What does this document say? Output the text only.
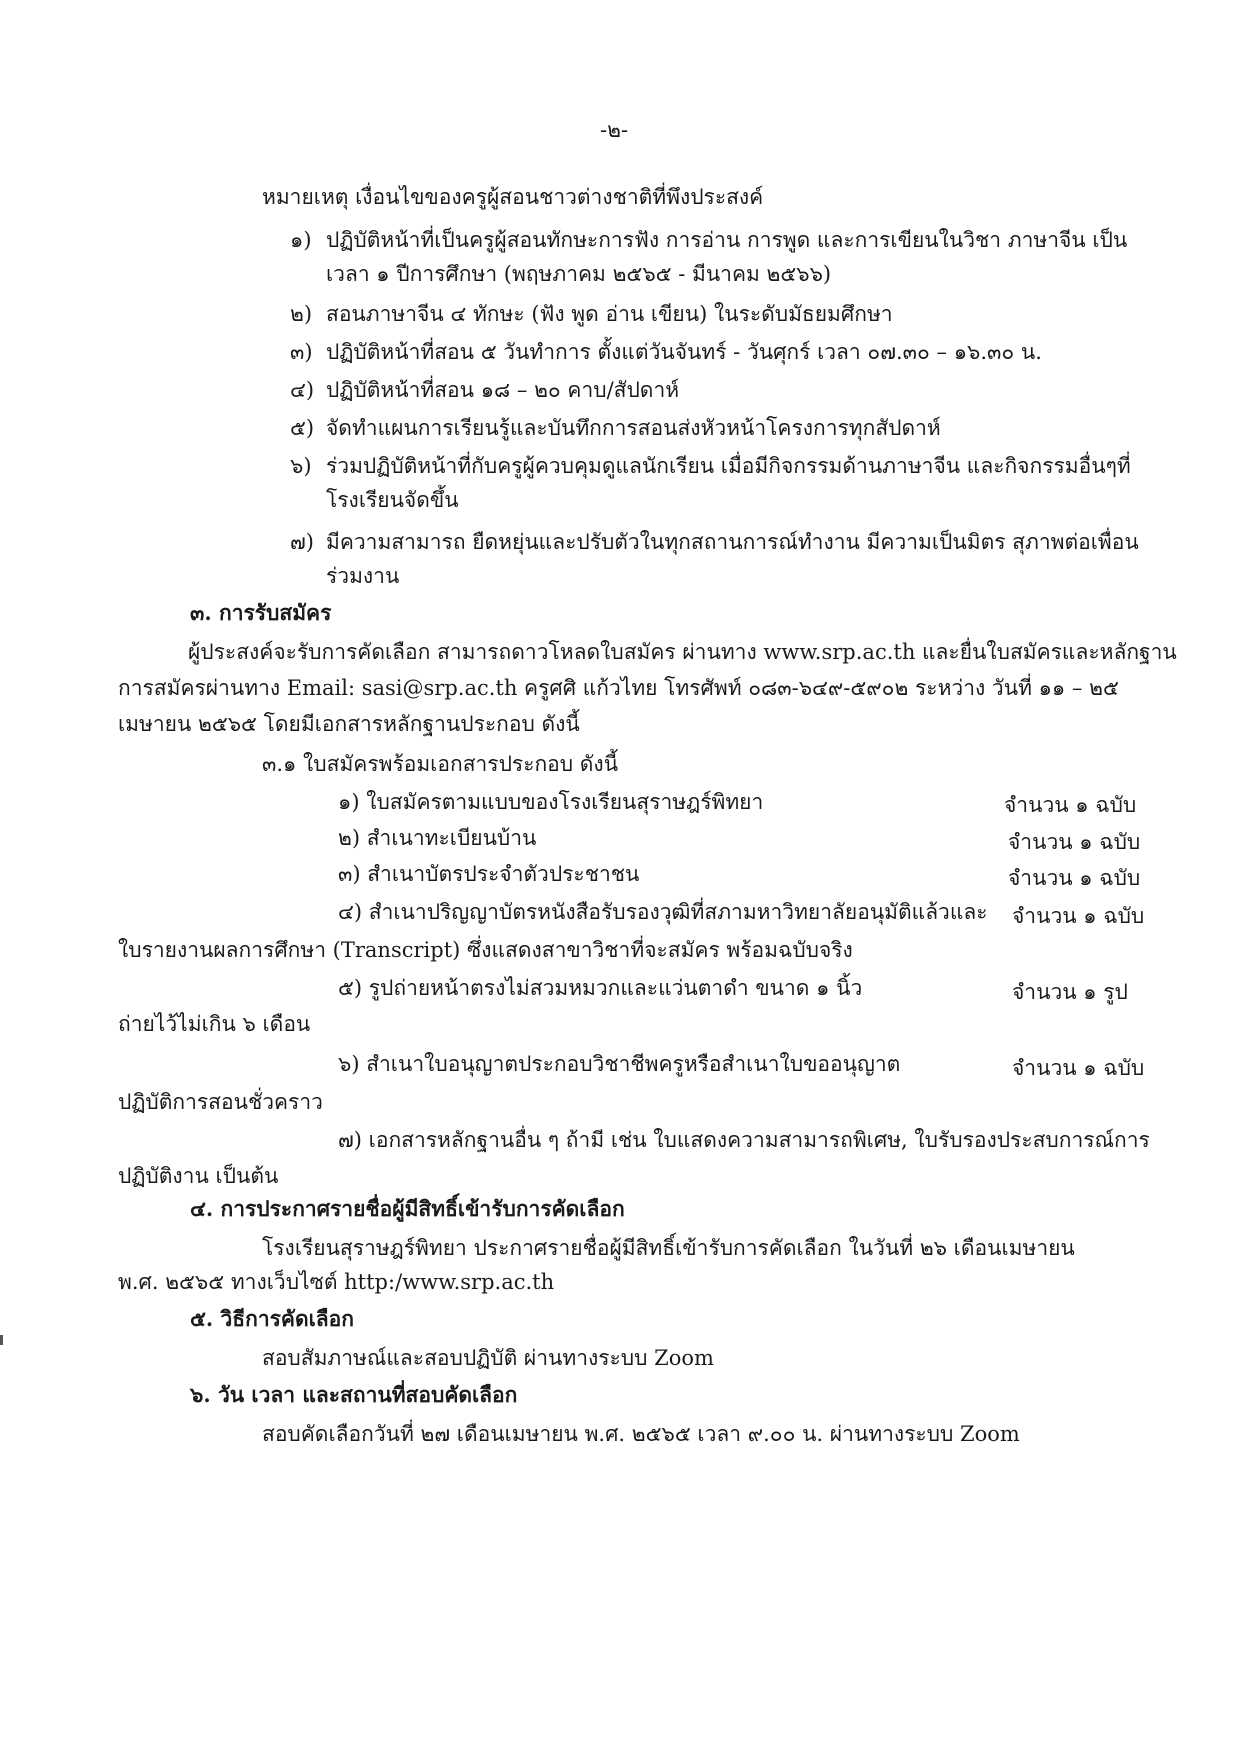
-๒-
หมายเหตุ เงื่อนไขของครูผู้สอนชาวต่างชาติที่พึงประสงค์
๑) ปฏิบัติหน้าที่เป็นครูผู้สอนทักษะการฟัง การอ่าน การพูด และการเขียนในวิชา ภาษาจีน เป็น
เวลา ๑ ปีการศึกษา (พฤษภาคม ๒๕๖๕ - มีนาคม ๒๕๖๖)
๒) สอนภาษาจีน ๔ ทักษะ (ฟัง พูด อ่าน เขียน) ในระดับมัธยมศึกษา
๓) ปฏิบัติหน้าที่สอน ๕ วันทำการ ตั้งแต่วันจันทร์ - วันศุกร์ เวลา ๐๗.๓๐ – ๑๖.๓๐ น.
๔) ปฏิบัติหน้าที่สอน ๑๘ – ๒๐ คาบ/สัปดาห์
๕) จัดทำแผนการเรียนรู้และบันทึกการสอนส่งหัวหน้าโครงการทุกสัปดาห์
๖) ร่วมปฏิบัติหน้าที่กับครูผู้ควบคุมดูแลนักเรียน เมื่อมีกิจกรรมด้านภาษาจีน และกิจกรรมอื่นๆที่
โรงเรียนจัดขึ้น
๗) มีความสามารถ ยืดหยุ่นและปรับตัวในทุกสถานการณ์ทำงาน มีความเป็นมิตร สุภาพต่อเพื่อน
ร่วมงาน
๓. การรับสมัคร
ผู้ประสงค์จะรับการคัดเลือก สามารถดาวโหลดใบสมัคร ผ่านทาง www.srp.ac.th และยื่นใบสมัครและหลักฐาน
การสมัครผ่านทาง Email: sasi@srp.ac.th ครูศศิ แก้วไทย โทรศัพท์ ๐๘๓-๖๔๙-๕๙๐๒ ระหว่าง วันที่ ๑๑ – ๒๕
เมษายน ๒๕๖๕ โดยมีเอกสารหลักฐานประกอบ ดังนี้
๓.๑ ใบสมัครพร้อมเอกสารประกอบ ดังนี้
๑) ใบสมัครตามแบบของโรงเรียนสุราษฎร์พิทยา	จำนวน ๑ ฉบับ
๒) สำเนาทะเบียนบ้าน	จำนวน ๑ ฉบับ
๓) สำเนาบัตรประจำตัวประชาชน	จำนวน ๑ ฉบับ
๔) สำเนาปริญญาบัตรหนังสือรับรองวุฒิที่สภามหาวิทยาลัยอนุมัติแล้วและ จำนวน ๑ ฉบับ
ใบรายงานผลการศึกษา (Transcript) ซึ่งแสดงสาขาวิชาที่จะสมัคร พร้อมฉบับจริง
๕) รูปถ่ายหน้าตรงไม่สวมหมวกและแว่นตาดำ ขนาด ๑ นิ้ว	จำนวน ๑ รูป
ถ่ายไว้ไม่เกิน ๖ เดือน
๖) สำเนาใบอนุญาตประกอบวิชาชีพครูหรือสำเนาใบขออนุญาต	จำนวน ๑ ฉบับ
ปฏิบัติการสอนชั่วคราว
๗) เอกสารหลักฐานอื่น ๆ ถ้ามี เช่น ใบแสดงความสามารถพิเศษ, ใบรับรองประสบการณ์การ
ปฏิบัติงาน เป็นต้น
๔. การประกาศรายชื่อผู้มีสิทธิ์เข้ารับการคัดเลือก
โรงเรียนสุราษฎร์พิทยา ประกาศรายชื่อผู้มีสิทธิ์เข้ารับการคัดเลือก ในวันที่ ๒๖ เดือนเมษายน
พ.ศ. ๒๕๖๕ ทางเว็บไซต์ http:/www.srp.ac.th
๕. วิธีการคัดเลือก
สอบสัมภาษณ์และสอบปฏิบัติ ผ่านทางระบบ Zoom
๖. วัน เวลา และสถานที่สอบคัดเลือก
สอบคัดเลือกวันที่ ๒๗ เดือนเมษายน พ.ศ. ๒๕๖๕ เวลา ๙.๐๐ น. ผ่านทางระบบ Zoom
